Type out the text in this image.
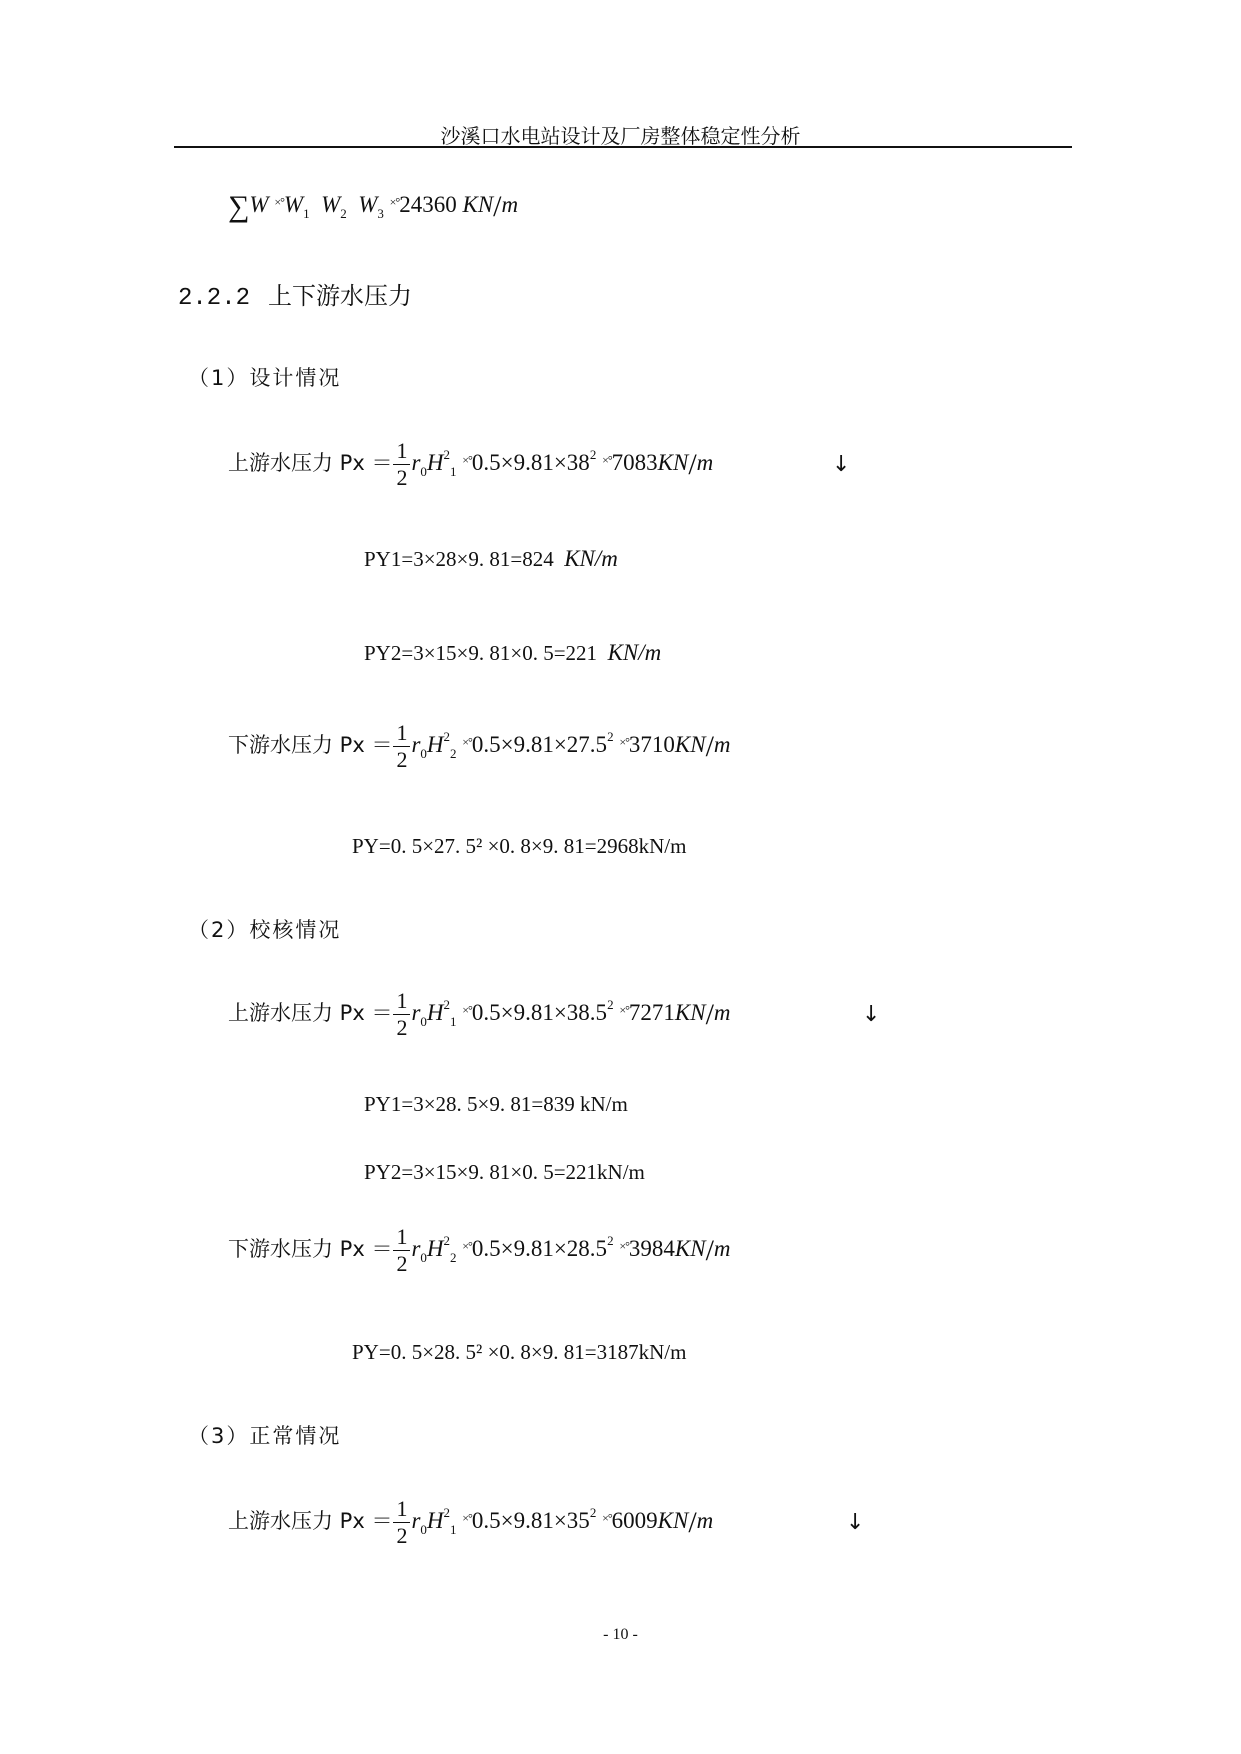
沙溪口水电站设计及厂房整体稳定性分析
∑W $^{\times^\circ}W_1$ $W_2$ $W_3$ ×°24360 KN/m
2.2.2 上下游水压力
（1）设计情况
上游水压力 $Px = \frac{1}{2} r_0H^2_1$ $^{\times^\circ}0.5\times 9.81\times 38^2$ ×°7083KN/m	↓
PY1=3×28×9. 81=824 KN/m
PY2=3×15×9. 81×0. 5=221 KN/m
下游水压力 $Px = \frac{1}{2} r_0H^2_2$ $^{\times^\circ}0.5\times 9.81\times 27.5^2$ ×°3710KN/m
PY=0. 5×27. 5² ×0. 8×9. 81=2968kN/m
（2）校核情况
上游水压力 $Px = \frac{1}{2} r_0H^2_1$ $^{\times^\circ}0.5\times 9.81\times 38.5^2$ ×°7271KN/m	↓
PY1=3×28. 5×9. 81=839 kN/m
PY2=3×15×9. 81×0. 5=221kN/m
下游水压力 $Px = \frac{1}{2} r_0H^2_2$ $^{\times^\circ}0.5\times 9.81\times 28.5^2$ ×°3984KN/m
PY=0. 5×28. 5² ×0. 8×9. 81=3187kN/m
（3）正常情况
上游水压力 $Px = \frac{1}{2} r_0H^2_1$ $^{\times^\circ}0.5\times 9.81\times 35^2$ ×°6009KN/m	↓
- 10 -
